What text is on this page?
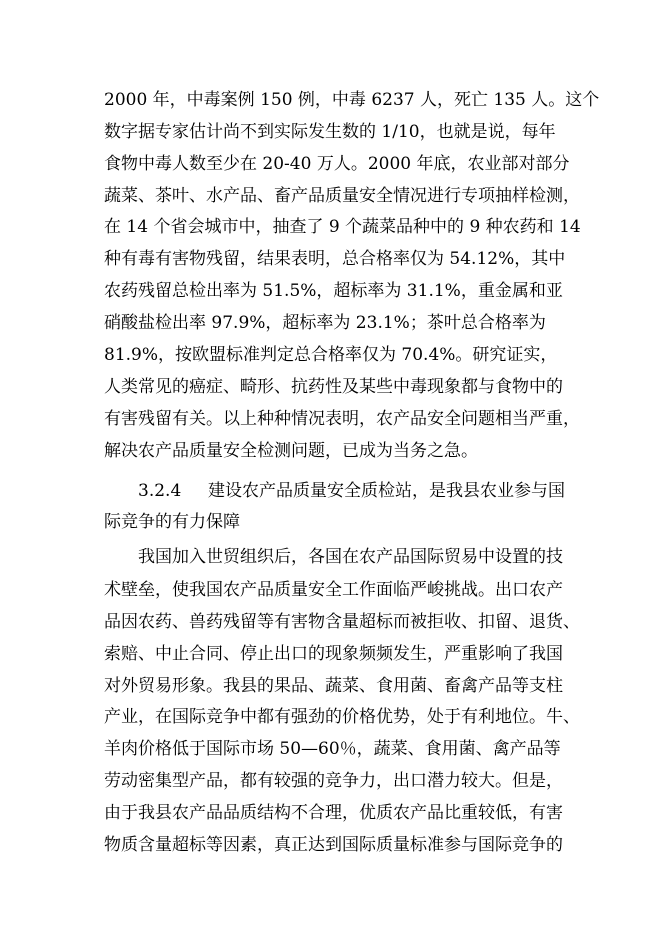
2000 年，中毒案例 150 例，中毒 6237 人，死亡 135 人。这个
数字据专家估计尚不到实际发生数的 1/10，也就是说，每年
食物中毒人数至少在 20-40 万人。2000 年底，农业部对部分
蔬菜、茶叶、水产品、畜产品质量安全情况进行专项抽样检测，
在 14 个省会城市中，抽查了 9 个蔬菜品种中的 9 种农药和 14
种有毒有害物残留，结果表明，总合格率仅为 54.12%，其中
农药残留总检出率为 51.5%，超标率为 31.1%，重金属和亚
硝酸盐检出率 97.9%，超标率为 23.1%；茶叶总合格率为
81.9%，按欧盟标准判定总合格率仅为 70.4%。研究证实，
人类常见的癌症、畸形、抗药性及某些中毒现象都与食物中的
有害残留有关。以上种种情况表明，农产品安全问题相当严重，
解决农产品质量安全检测问题，已成为当务之急。
3.2.4 建设农产品质量安全质检站，是我县农业参与国
际竞争的有力保障
我国加入世贸组织后，各国在农产品国际贸易中设置的技
术壁垒，使我国农产品质量安全工作面临严峻挑战。出口农产
品因农药、兽药残留等有害物含量超标而被拒收、扣留、退货、
索赔、中止合同、停止出口的现象频频发生，严重影响了我国
对外贸易形象。我县的果品、蔬菜、食用菌、畜禽产品等支柱
产业，在国际竞争中都有强劲的价格优势，处于有利地位。牛、
羊肉价格低于国际市场 50—60％，蔬菜、食用菌、禽产品等
劳动密集型产品，都有较强的竞争力，出口潜力较大。但是，
由于我县农产品品质结构不合理，优质农产品比重较低，有害
物质含量超标等因素，真正达到国际质量标准参与国际竞争的
